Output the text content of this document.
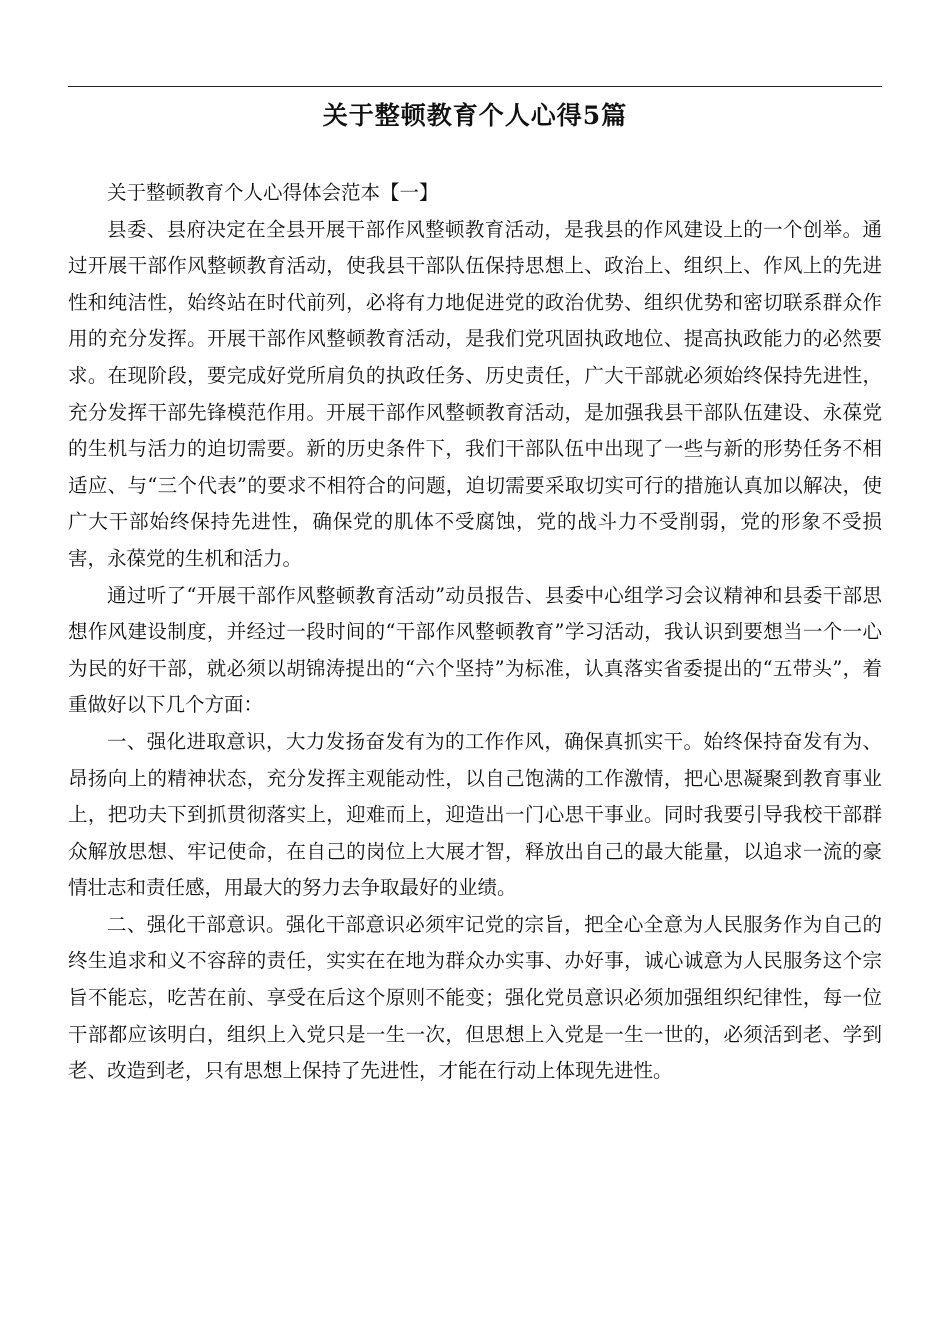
关于整顿教育个人心得5篇

关于整顿教育个人心得体会范本【一】

县委、县府决定在全县开展干部作风整顿教育活动，是我县的作风建设上的一个创举。通过开展干部作风整顿教育活动，使我县干部队伍保持思想上、政治上、组织上、作风上的先进性和纯洁性，始终站在时代前列，必将有力地促进党的政治优势、组织优势和密切联系群众作用的充分发挥。开展干部作风整顿教育活动，是我们党巩固执政地位、提高执政能力的必然要求。在现阶段，要完成好党所肩负的执政任务、历史责任，广大干部就必须始终保持先进性，充分发挥干部先锋模范作用。开展干部作风整顿教育活动，是加强我县干部队伍建设、永葆党的生机与活力的迫切需要。新的历史条件下，我们干部队伍中出现了一些与新的形势任务不相适应、与“三个代表”的要求不相符合的问题，迫切需要采取切实可行的措施认真加以解决，使广大干部始终保持先进性，确保党的肌体不受腐蚀，党的战斗力不受削弱，党的形象不受损害，永葆党的生机和活力。

通过听了“开展干部作风整顿教育活动”动员报告、县委中心组学习会议精神和县委干部思想作风建设制度，并经过一段时间的“干部作风整顿教育”学习活动，我认识到要想当一个一心为民的好干部，就必须以胡锦涛提出的“六个坚持”为标准，认真落实省委提出的“五带头”，着重做好以下几个方面：

一、强化进取意识，大力发扬奋发有为的工作作风，确保真抓实干。始终保持奋发有为、昂扬向上的精神状态，充分发挥主观能动性，以自己饱满的工作激情，把心思凝聚到教育事业上，把功夫下到抓贯彻落实上，迎难而上，迎造出一门心思干事业。同时我要引导我校干部群众解放思想、牢记使命，在自己的岗位上大展才智，释放出自己的最大能量，以追求一流的豪情壮志和责任感，用最大的努力去争取最好的业绩。

二、强化干部意识。强化干部意识必须牢记党的宗旨，把全心全意为人民服务作为自己的终生追求和义不容辞的责任，实实在在地为群众办实事、办好事，诚心诚意为人民服务这个宗旨不能忘，吃苦在前、享受在后这个原则不能变；强化党员意识必须加强组织纪律性，每一位干部都应该明白，组织上入党只是一生一次，但思想上入党是一生一世的，必须活到老、学到老、改造到老，只有思想上保持了先进性，才能在行动上体现先进性。
